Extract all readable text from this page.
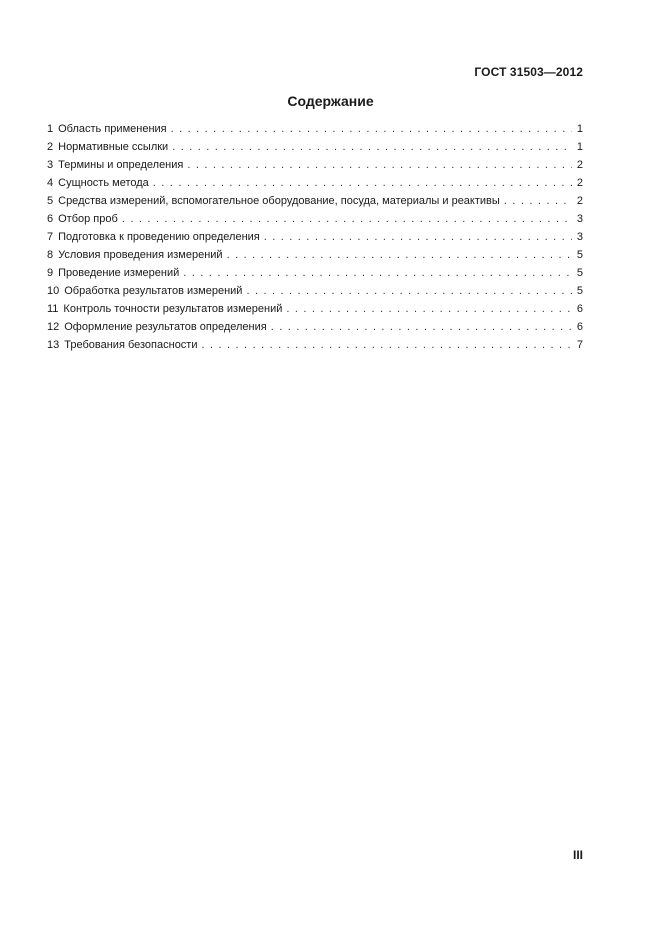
ГОСТ 31503—2012
Содержание
1 Область применения . . .	1
2 Нормативные ссылки . . .	1
3 Термины и определения . . .	2
4 Сущность метода . . .	2
5 Средства измерений, вспомогательное оборудование, посуда, материалы и реактивы . . .	2
6 Отбор проб . . .	3
7 Подготовка к проведению определения . . .	3
8 Условия проведения измерений . . .	5
9 Проведение измерений . . .	5
10 Обработка результатов измерений . . .	5
11 Контроль точности результатов измерений . . .	6
12 Оформление результатов определения . . .	6
13 Требования безопасности . . .	7
III
